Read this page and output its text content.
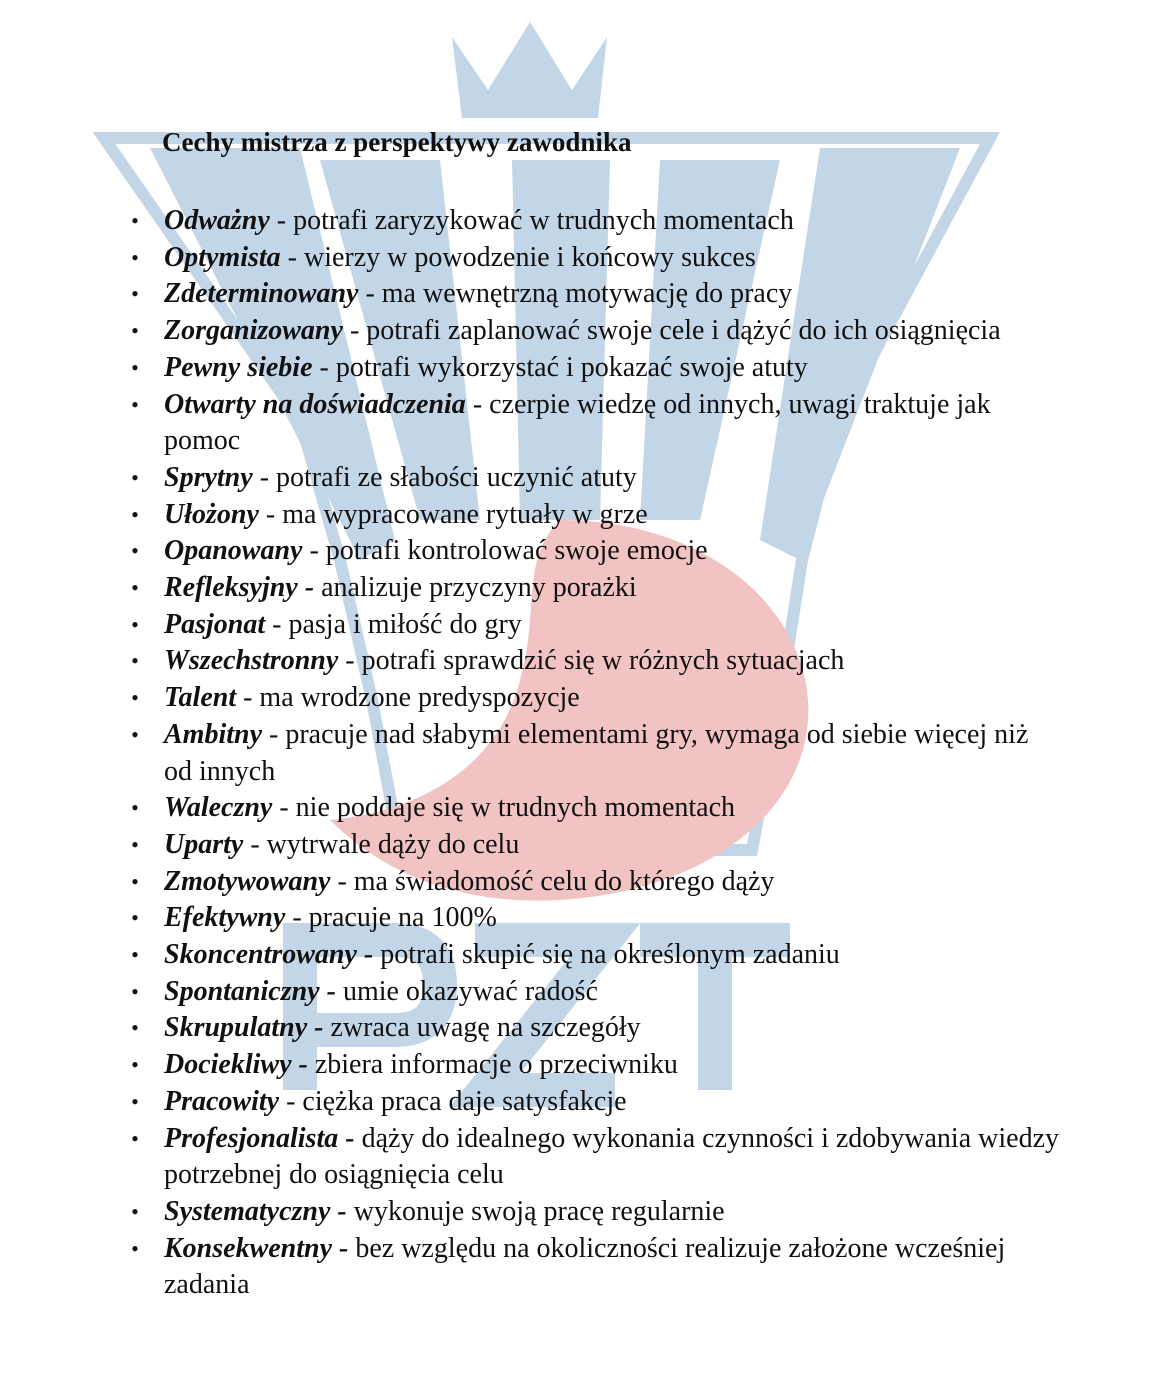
Cechy mistrza z perspektywy zawodnika
• Odważny - potrafi zaryzykować w trudnych momentach
• Optymista - wierzy w powodzenie i końcowy sukces
• Zdeterminowany - ma wewnętrzną motywację do pracy
• Zorganizowany - potrafi zaplanować swoje cele i dążyć do ich osiągnięcia
• Pewny siebie - potrafi wykorzystać i pokazać swoje atuty
• Otwarty na doświadczenia - czerpie wiedzę od innych, uwagi traktuje jak pomoc
• Sprytny - potrafi ze słabości uczynić atuty
• Ułożony - ma wypracowane rytuały w grze
• Opanowany - potrafi kontrolować swoje emocje
• Refleksyjny - analizuje przyczyny porażki
• Pasjonat - pasja i miłość do gry
• Wszechstronny - potrafi sprawdzić się w różnych sytuacjach
• Talent - ma wrodzone predyspozycje
• Ambitny - pracuje nad słabymi elementami gry, wymaga od siebie więcej niż od innych
• Waleczny - nie poddaje się w trudnych momentach
• Uparty - wytrwale dąży do celu
• Zmotywowany - ma świadomość celu do którego dąży
• Efektywny - pracuje na 100%
• Skoncentrowany - potrafi skupić się na określonym zadaniu
• Spontaniczny - umie okazywać radość
• Skrupulatny - zwraca uwagę na szczegóły
• Dociekliwy - zbiera informacje o przeciwniku
• Pracowity - ciężka praca daje satysfakcje
• Profesjonalista - dąży do idealnego wykonania czynności i zdobywania wiedzy potrzebnej do osiągnięcia celu
• Systematyczny - wykonuje swoją pracę regularnie
• Konsekwentny - bez względu na okoliczności realizuje założone wcześniej zadania
